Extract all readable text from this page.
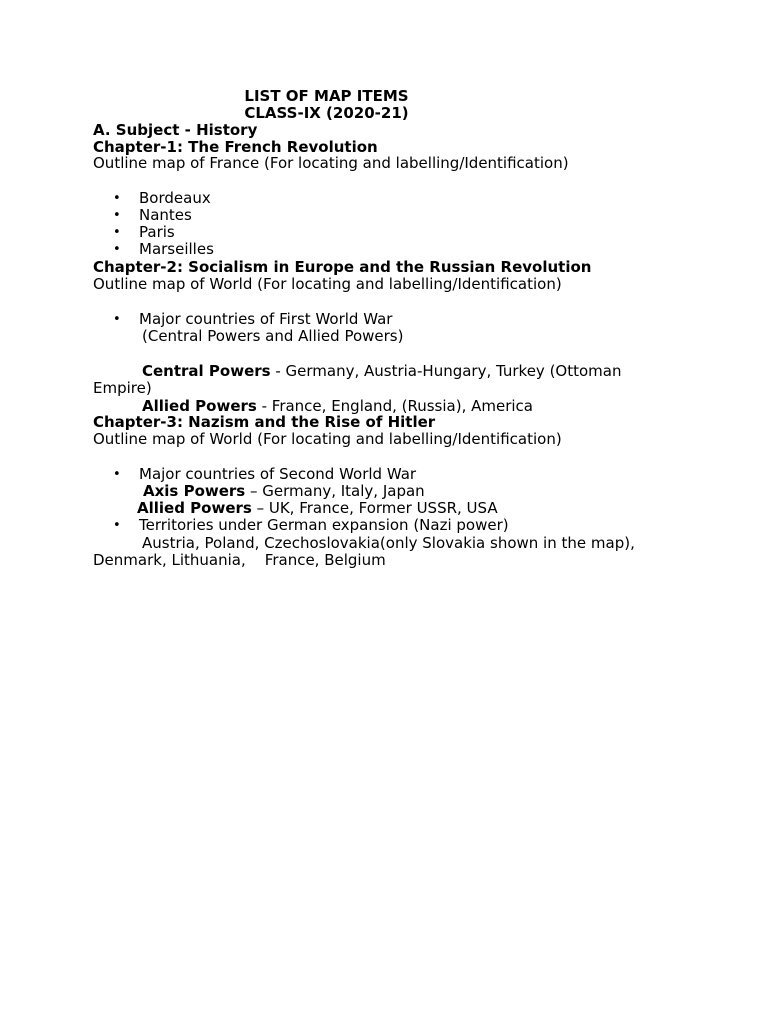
LIST OF MAP ITEMS
CLASS-IX (2020-21)
A. Subject - History
Chapter-1: The French Revolution
Outline map of France (For locating and labelling/Identification)
• Bordeaux
• Nantes
• Paris
• Marseilles
Chapter-2: Socialism in Europe and the Russian Revolution
Outline map of World (For locating and labelling/Identification)
• Major countries of First World War
(Central Powers and Allied Powers)
Central Powers - Germany, Austria-Hungary, Turkey (Ottoman
Empire)
Allied Powers - France, England, (Russia), America
Chapter-3: Nazism and the Rise of Hitler
Outline map of World (For locating and labelling/Identification)
• Major countries of Second World War
Axis Powers – Germany, Italy, Japan
Allied Powers – UK, France, Former USSR, USA
• Territories under German expansion (Nazi power)
Austria, Poland, Czechoslovakia(only Slovakia shown in the map),
Denmark, Lithuania,    France, Belgium
